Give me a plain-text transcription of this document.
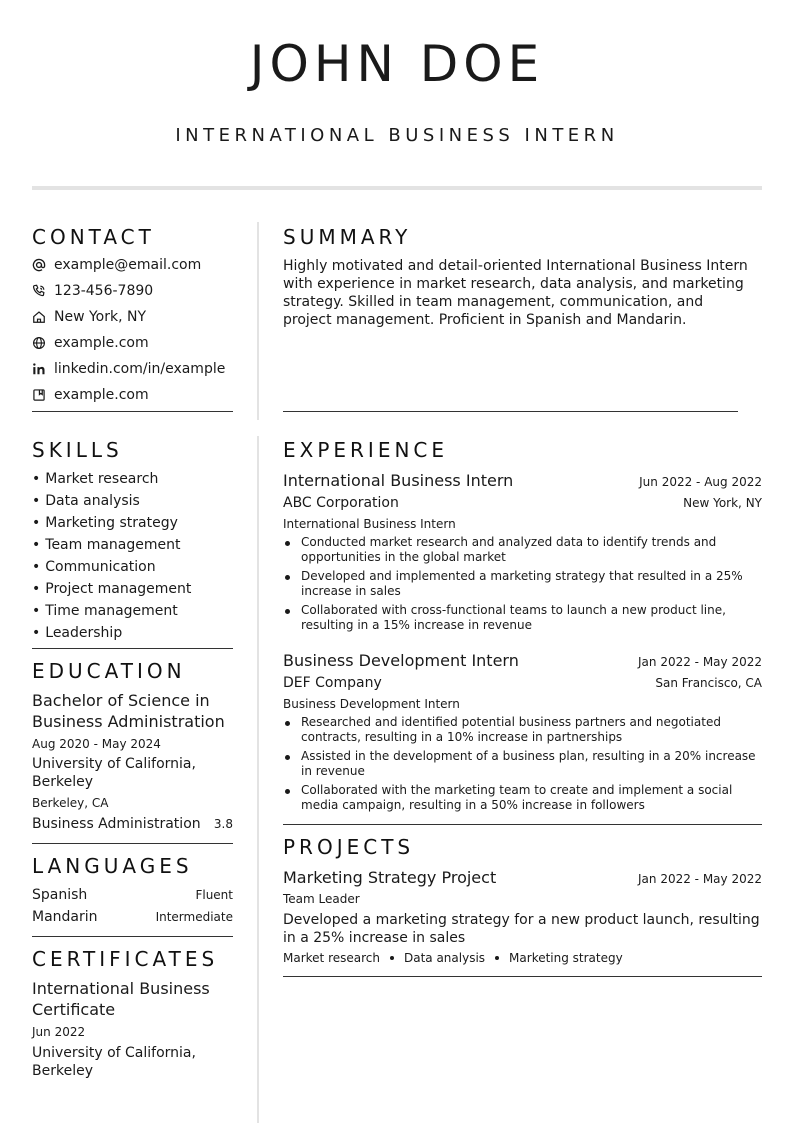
JOHN DOE
INTERNATIONAL BUSINESS INTERN
CONTACT
example@email.com
123-456-7890
New York, NY
example.com
linkedin.com/in/example
example.com
SUMMARY
Highly motivated and detail-oriented International Business Intern with experience in market research, data analysis, and marketing strategy. Skilled in team management, communication, and project management. Proficient in Spanish and Mandarin.
SKILLS
• Market research
• Data analysis
• Marketing strategy
• Team management
• Communication
• Project management
• Time management
• Leadership
EDUCATION
Bachelor of Science in Business Administration
Aug 2020 - May 2024
University of California, Berkeley
Berkeley, CA
Business Administration 3.8
LANGUAGES
Spanish	Fluent
Mandarin	Intermediate
CERTIFICATES
International Business Certificate
Jun 2022
University of California, Berkeley
EXPERIENCE
International Business Intern	Jun 2022 - Aug 2022
ABC Corporation	New York, NY
International Business Intern
Conducted market research and analyzed data to identify trends and opportunities in the global market
Developed and implemented a marketing strategy that resulted in a 25% increase in sales
Collaborated with cross-functional teams to launch a new product line, resulting in a 15% increase in revenue
Business Development Intern	Jan 2022 - May 2022
DEF Company	San Francisco, CA
Business Development Intern
Researched and identified potential business partners and negotiated contracts, resulting in a 10% increase in partnerships
Assisted in the development of a business plan, resulting in a 20% increase in revenue
Collaborated with the marketing team to create and implement a social media campaign, resulting in a 50% increase in followers
PROJECTS
Marketing Strategy Project	Jan 2022 - May 2022
Team Leader
Developed a marketing strategy for a new product launch, resulting in a 25% increase in sales
Market research Data analysis Marketing strategy
